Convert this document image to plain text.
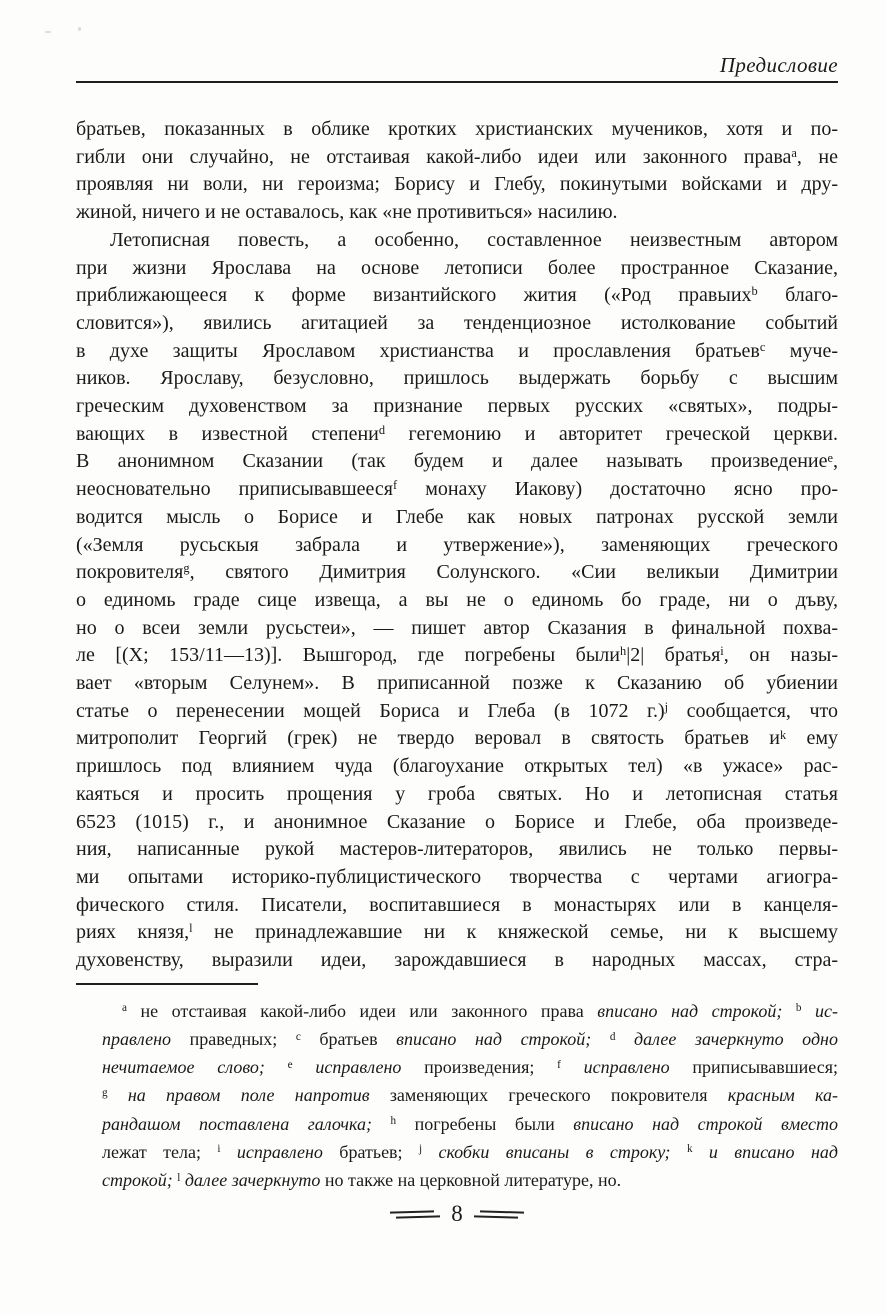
Предисловие
братьев, показанных в облике кротких христианских мучеников, хотя и по-
гибли они случайно, не отстаивая какой-либо идеи или законного права$^a$, не
проявляя ни воли, ни героизма; Борису и Глебу, покинутыми войсками и дру-
жиной, ничего и не оставалось, как «не противиться» насилию.
Летописная повесть, а особенно, составленное неизвестным автором
при жизни Ярослава на основе летописи более пространное Сказание,
приближающееся к форме византийского жития («Род правыих$^b$ благо-
словится»), явились агитацией за тенденциозное истолкование событий
в духе защиты Ярославом христианства и прославления братьев$^c$ муче-
ников. Ярославу, безусловно, пришлось выдержать борьбу с высшим
греческим духовенством за признание первых русских «святых», подры-
вающих в известной степени$^d$ гегемонию и авторитет греческой церкви.
В анонимном Сказании (так будем и далее называть произведение$^e$,
неосновательно приписывавшееся$^f$ монаху Иакову) достаточно ясно про-
водится мысль о Борисе и Глебе как новых патронах русской земли
(«Земля русьскыя забрала и утвержение»), заменяющих греческого
покровителя$^g$, святого Димитрия Солунского. «Сии великыи Димитрии
о единомь граде сице извеща, а вы не о единомь бо граде, ни о дъву,
но о всеи земли русьстеи», — пишет автор Сказания в финальной похва-
ле [(X; 153/11—13)]. Вышгород, где погребены были$^h$|2| братья$^i$, он назы-
вает «вторым Селунем». В приписанной позже к Сказанию об убиении
статье о перенесении мощей Бориса и Глеба (в 1072 г.)$^j$ сообщается, что
митрополит Георгий (грек) не твердо веровал в святость братьев $и^k$ ему
пришлось под влиянием чуда (благоухание открытых тел) «в ужасе» рас-
каяться и просить прощения у гроба святых. Но и летописная статья
6523 (1015) г., и анонимное Сказание о Борисе и Глебе, оба произведе-
ния, написанные рукой мастеров-литераторов, явились не только первы-
ми опытами историко-публицистического творчества с чертами агиогра-
фического стиля. Писатели, воспитавшиеся в монастырях или в канцеля-
риях князя,$^l$ не принадлежавшие ни к княжеской семье, ни к высшему
духовенству, выразили идеи, зарождавшиеся в народных массах, стра-
$^a$ не отстаивая какой-либо идеи или законного права вписано над строкой; $^b$ ис-
правлено праведных; $^c$ братьев вписано над строкой; $^d$ далее зачеркнуто одно
нечитаемое слово; $^e$ исправлено произведения; $^f$ исправлено приписывавшиеся;
$^g$ на правом поле напротив заменяющих греческого покровителя красным ка-
рандашом поставлена галочка; $^h$ погребены были вписано над строкой вместо
лежат тела; $^i$ исправлено братьев; $^j$ скобки вписаны в строку; $^k$ и вписано над
строкой; $^l$ далее зачеркнуто но также на церковной литературе, но.
8
